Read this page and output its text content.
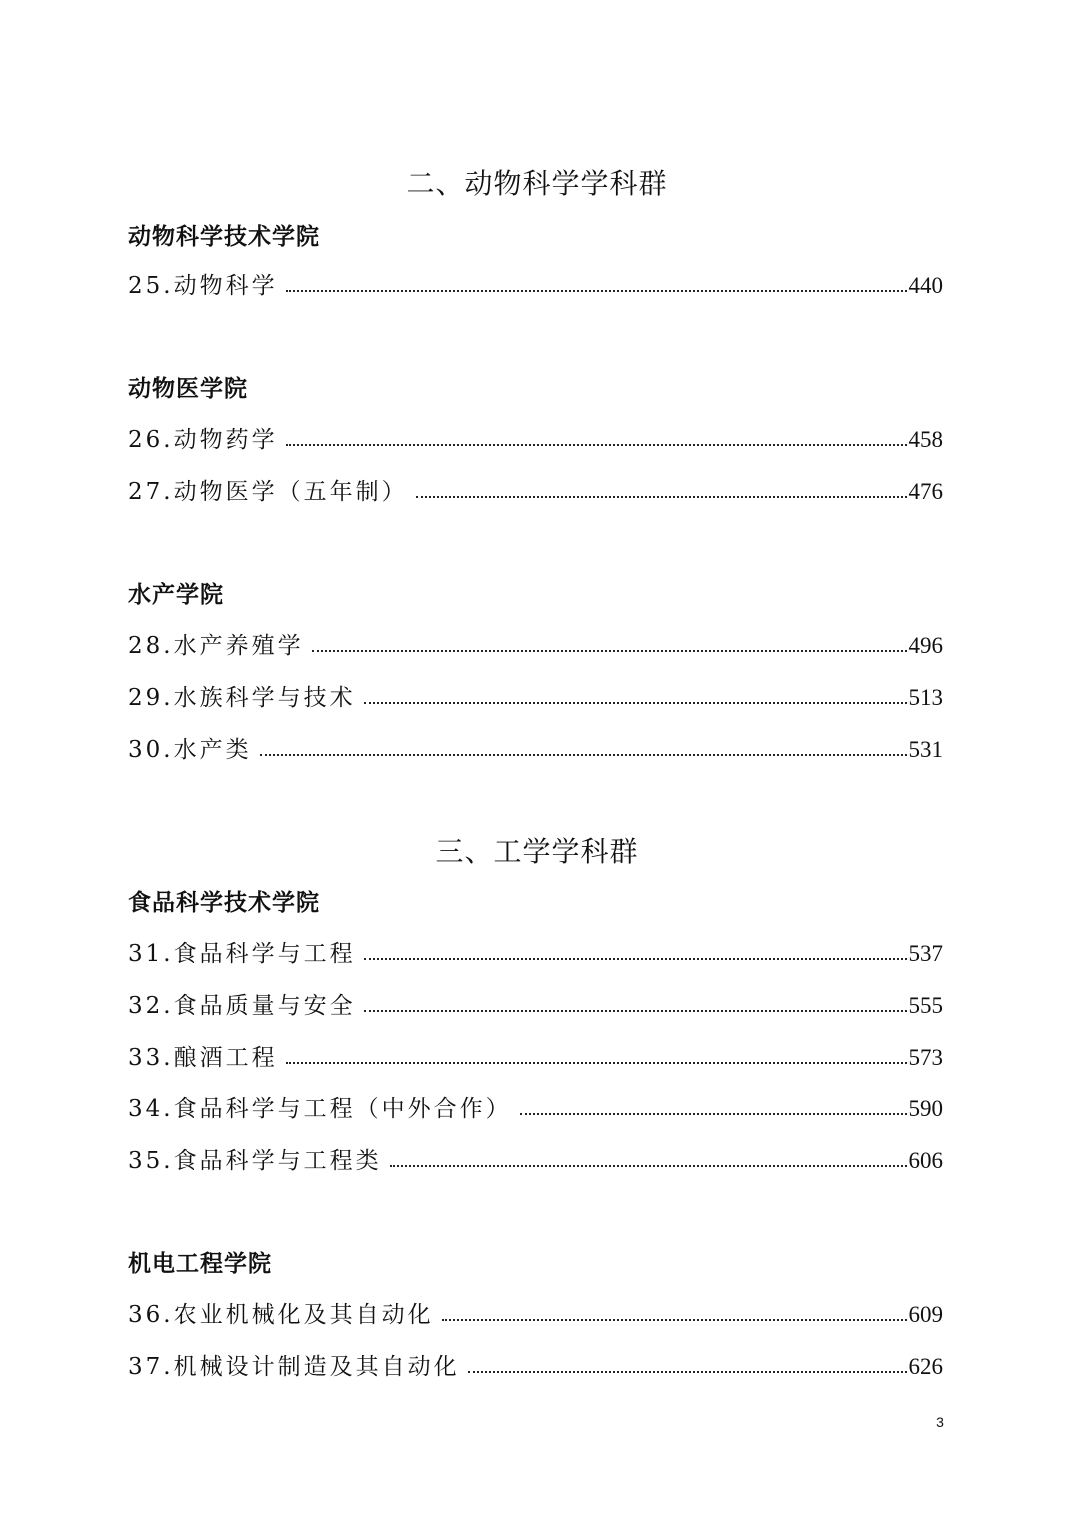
二、动物科学学科群
动物科学技术学院
25.动物科学	440
动物医学院
26.动物药学	458
27.动物医学（五年制）	476
水产学院
28.水产养殖学	496
29.水族科学与技术	513
30.水产类	531
三、工学学科群
食品科学技术学院
31.食品科学与工程	537
32.食品质量与安全	555
33.酿酒工程	573
34.食品科学与工程（中外合作）	590
35.食品科学与工程类	606
机电工程学院
36.农业机械化及其自动化	609
37.机械设计制造及其自动化	626
3
